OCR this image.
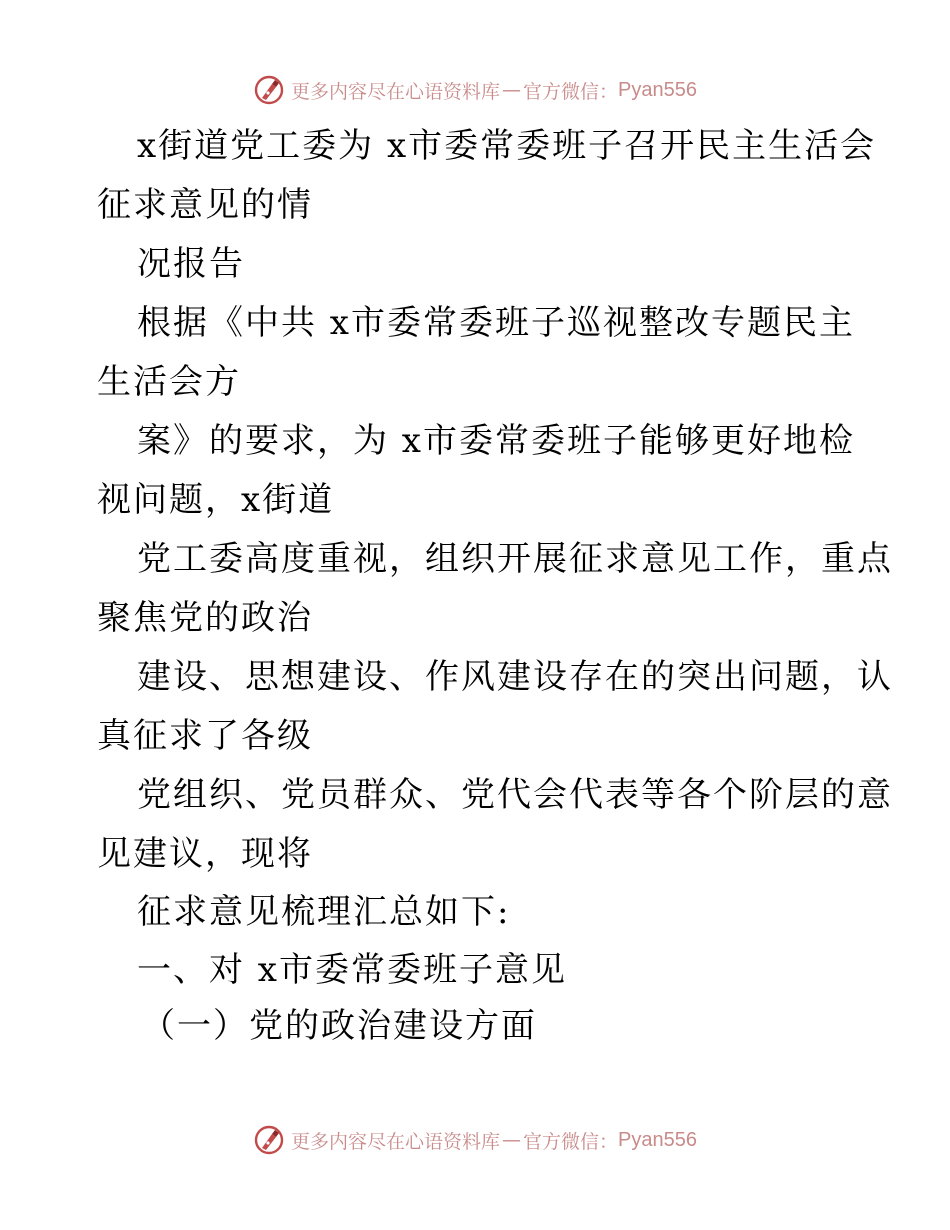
更多内容尽在心语资料库 — 官方微信： Pyan556
x街道党工委为 x市委常委班子召开民主生活会
征求意见的情
况报告
根据《中共 x市委常委班子巡视整改专题民主
生活会方
案》的要求，为 x市委常委班子能够更好地检
视问题，x街道
党工委高度重视，组织开展征求意见工作，重点
聚焦党的政治
建设、思想建设、作风建设存在的突出问题，认
真征求了各级
党组织、党员群众、党代会代表等各个阶层的意
见建议，现将
征求意见梳理汇总如下:
一、对 x市委常委班子意见
（一）党的政治建设方面
更多内容尽在心语资料库 — 官方微信： Pyan556
